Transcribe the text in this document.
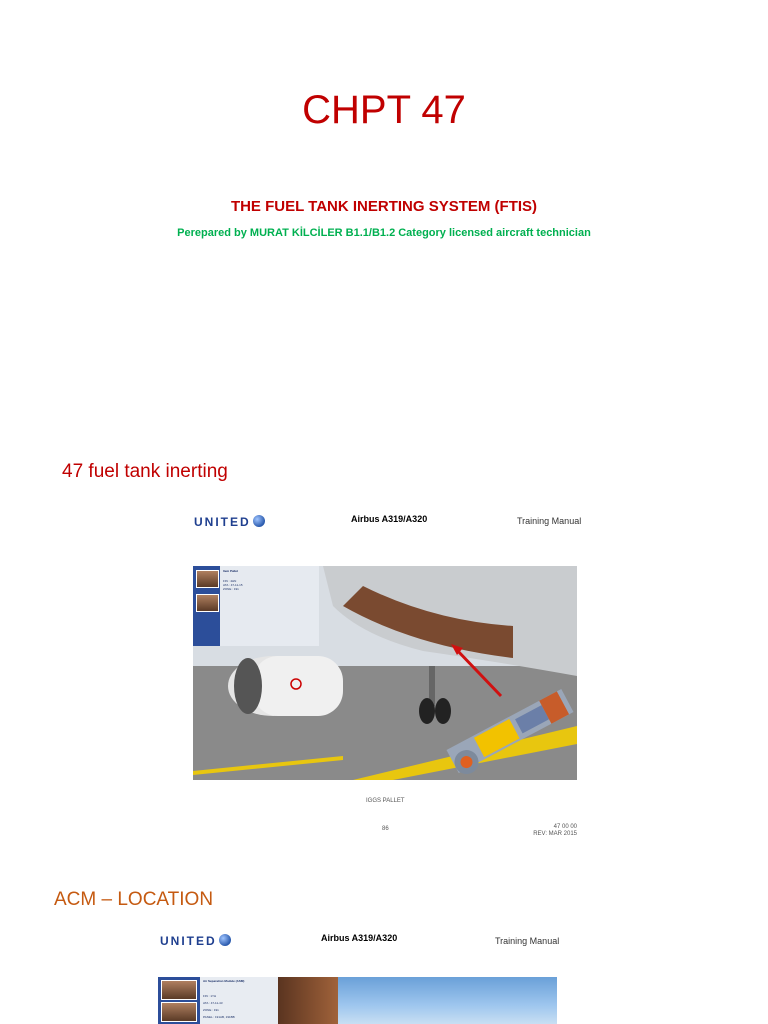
CHPT 47
THE FUEL TANK INERTING SYSTEM (FTIS)
Perepared by MURAT KİLCİLER B1.1/B1.2 Category licensed aircraft technician
47 fuel tank inerting
UNITED	Airbus A319/A320	Training Manual
Item Pallet
FIN : 4HN
ATA : 47-11-15
ZONE : 191
IGGS PALLET
86	47 00 00
REV: MAR 2015
ACM – LOCATION
UNITED	Airbus A319/A320	Training Manual
Air Separation Module (ASM)
FIN : 1YH
ATA : 47-11-43
ZONE : 191
PANEL : 191AB, 191BB
